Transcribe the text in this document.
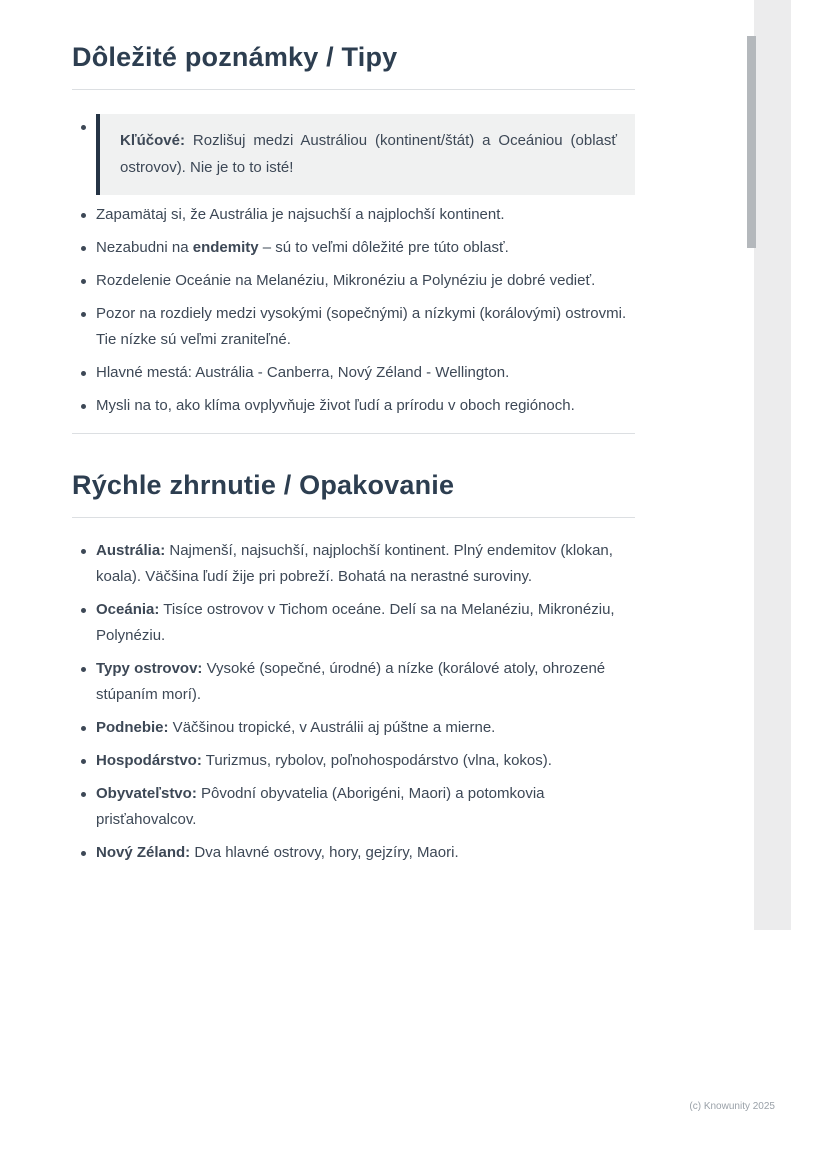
Dôležité poznámky / Tipy
Kľúčové: Rozlišuj medzi Austráliou (kontinent/štát) a Oceániou (oblasť ostrovov). Nie je to to isté!
Zapamätaj si, že Austrália je najsuchší a najplochší kontinent.
Nezabudni na endemity – sú to veľmi dôležité pre túto oblasť.
Rozdelenie Oceánie na Melanéziu, Mikronéziu a Polynéziu je dobré vedieť.
Pozor na rozdiely medzi vysokými (sopečnými) a nízkymi (korálovými) ostrovmi. Tie nízke sú veľmi zraniteľné.
Hlavné mestá: Austrália - Canberra, Nový Zéland - Wellington.
Mysli na to, ako klíma ovplyvňuje život ľudí a prírodu v oboch regiónoch.
Rýchle zhrnutie / Opakovanie
Austrália: Najmenší, najsuchší, najplochší kontinent. Plný endemitov (klokan, koala). Väčšina ľudí žije pri pobreží. Bohatá na nerastné suroviny.
Oceánia: Tisíce ostrovov v Tichom oceáne. Delí sa na Melanéziu, Mikronéziu, Polynéziu.
Typy ostrovov: Vysoké (sopečné, úrodné) a nízke (korálové atoly, ohrozené stúpaním morí).
Podnebie: Väčšinou tropické, v Austrálii aj púštne a mierne.
Hospodárstvo: Turizmus, rybolov, poľnohospodárstvo (vlna, kokos).
Obyvateľstvo: Pôvodní obyvatelia (Aborigéni, Maori) a potomkovia prisťahovalcov.
Nový Zéland: Dva hlavné ostrovy, hory, gejzíry, Maori.
(c) Knowunity 2025
